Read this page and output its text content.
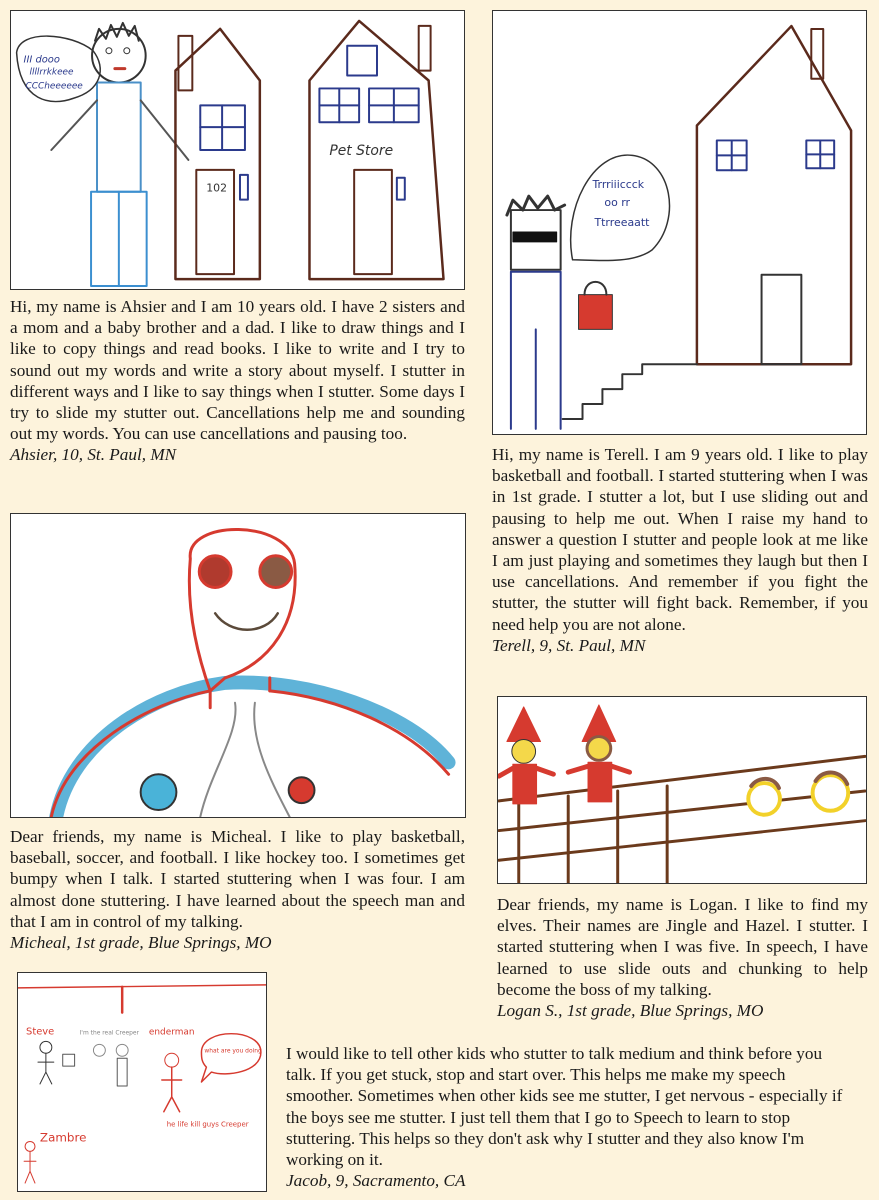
III dooo
llllrrkkeee
CCCheeeeee
102
Pet Store

Hi, my name is Ahsier and I am 10 years old. I have 2 sisters and a mom and a baby brother and a dad. I like to draw things and I like to copy things and read books. I like to write and I try to sound out my words and write a story about myself. I stutter in different ways and I like to say things when I stutter. Some days I try to slide my stutter out. Cancellations help me and sounding out my words. You can use cancellations and pausing too.
Ahsier, 10, St. Paul, MN

Trrriiiccck
oo rr
Ttrreeaatt

Hi, my name is Terell. I am 9 years old. I like to play basketball and football. I started stuttering when I was in 1st grade. I stutter a lot, but I use sliding out and pausing to help me out. When I raise my hand to answer a question I stutter and people look at me like I am just playing and sometimes they laugh but then I use cancellations. And remember if you fight the stutter, the stutter will fight back. Remember, if you need help you are not alone.
Terell, 9, St. Paul, MN

Dear friends, my name is Micheal. I like to play basketball, baseball, soccer, and football. I like hockey too. I sometimes get bumpy when I talk. I started stuttering when I was four. I am almost done stuttering. I have learned about the speech man and that I am in control of my talking.
Micheal, 1st grade, Blue Springs, MO

Dear friends, my name is Logan. I like to find my elves. Their names are Jingle and Hazel. I stutter. I started stuttering when I was five. In speech, I have learned to use slide outs and chunking to help become the boss of my talking.
Logan S., 1st grade, Blue Springs, MO

Steve	I'm the real Creeper enderman
what are you doing
he life kill guys Creeper
Zambre

I would like to tell other kids who stutter to talk medium and think before you talk. If you get stuck, stop and start over. This helps me make my speech smoother. Sometimes when other kids see me stutter, I get nervous - especially if the boys see me stutter. I just tell them that I go to Speech to learn to stop stuttering. This helps so they don't ask why I stutter and they also know I'm working on it.
Jacob, 9, Sacramento, CA
